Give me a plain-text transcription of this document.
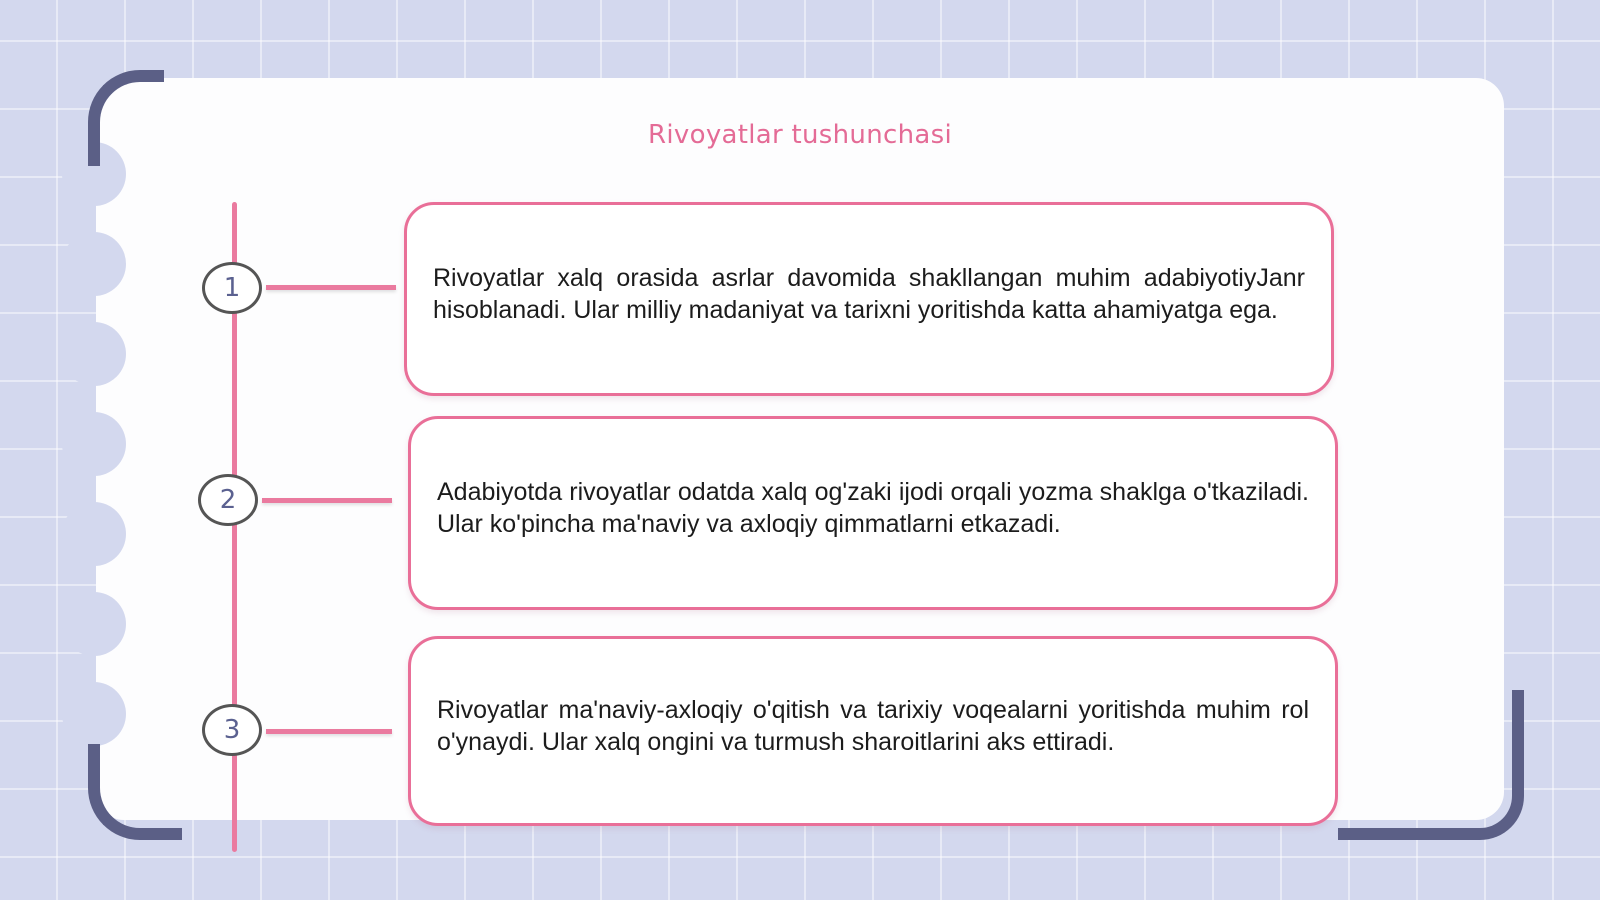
Rivoyatlar tushunchasi
1
2
3

Rivoyatlar xalq orasida asrlar davomida shakllangan muhim adabiyotiyJanr hisoblanadi. Ular milliy madaniyat va tarixni yoritishda katta ahamiyatga ega.

Adabiyotda rivoyatlar odatda xalq og'zaki ijodi orqali yozma shaklga o'tkaziladi. Ular ko'pincha ma'naviy va axloqiy qimmatlarni etkazadi.

Rivoyatlar ma'naviy-axloqiy o'qitish va tarixiy voqealarni yoritishda muhim rol o'ynaydi. Ular xalq ongini va turmush sharoitlarini aks ettiradi.
